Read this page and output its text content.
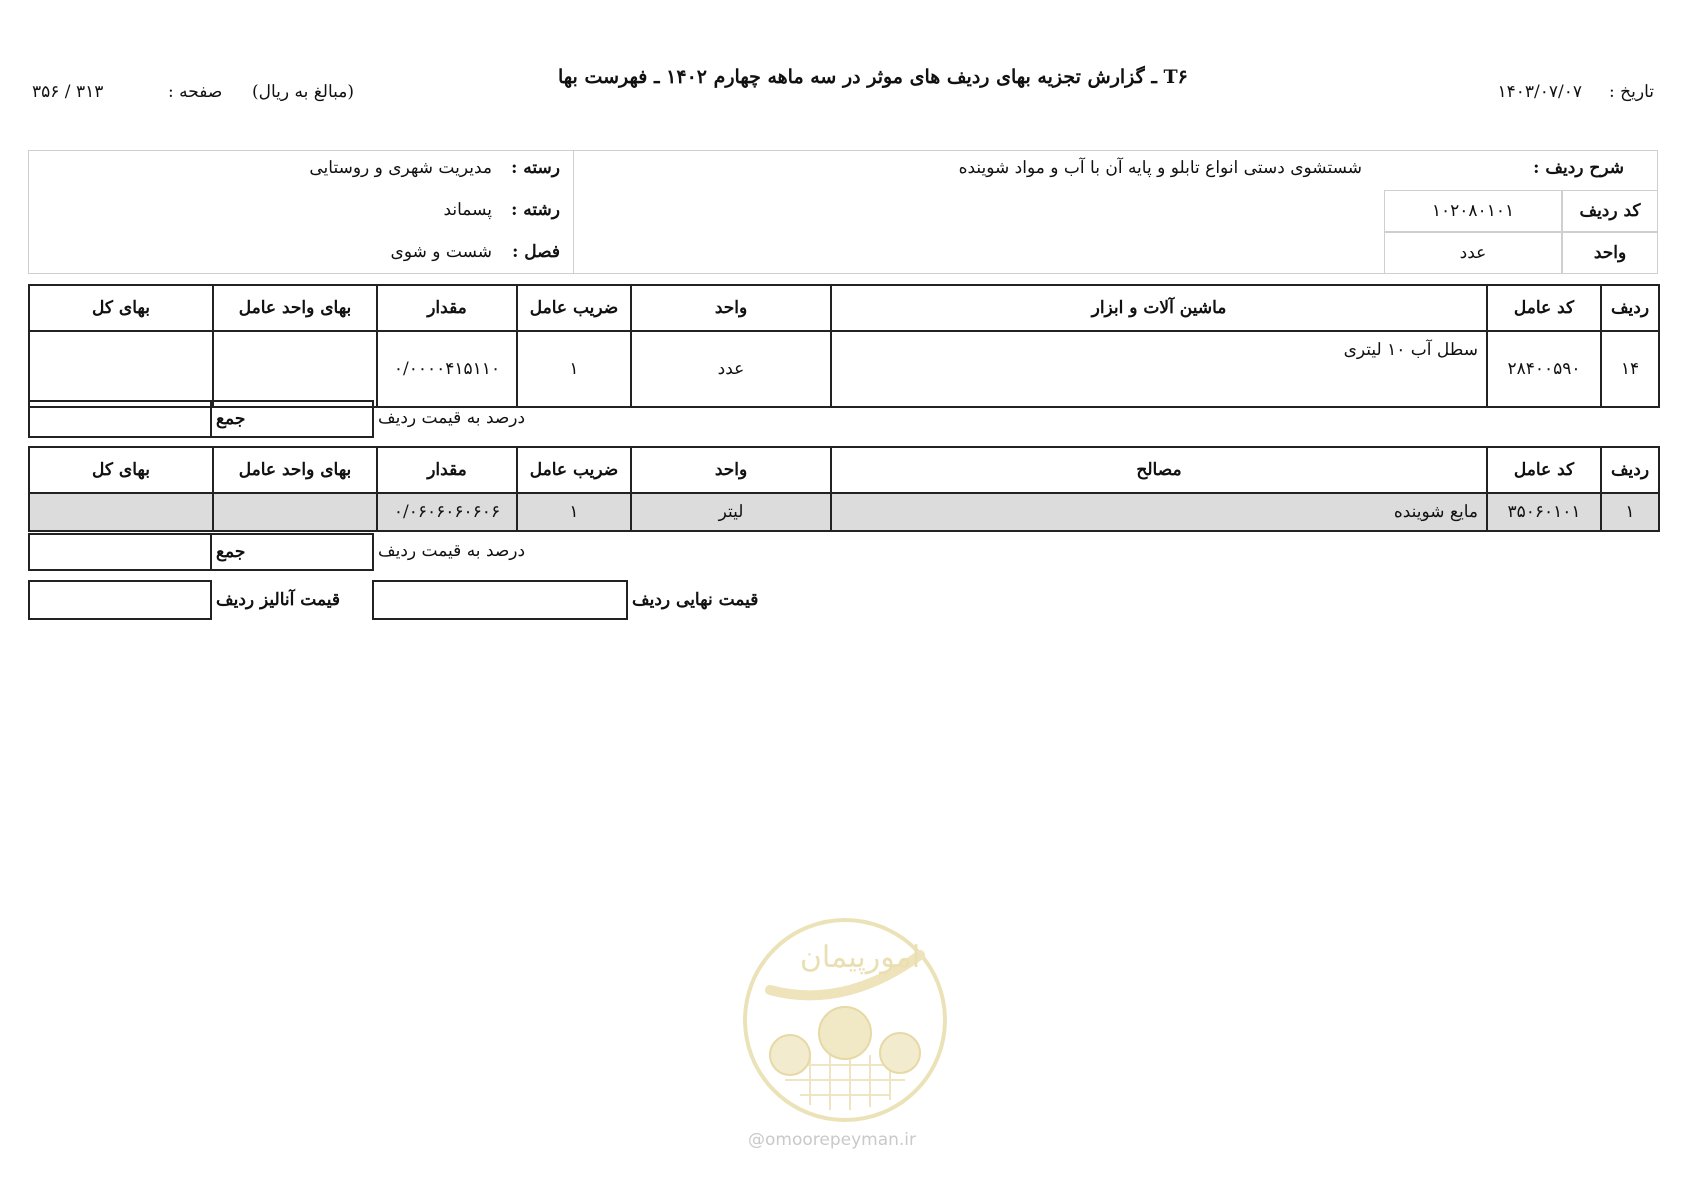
تاریخ :
۱۴۰۳/۰۷/۰۷
T۶ ـ گزارش تجزیه بهای ردیف های موثر در سه ماهه چهارم ۱۴۰۲ ـ فهرست بها
(مبالغ به ریال)
صفحه :
۳۱۳ / ۳۵۶
شرح ردیف :
شستشوی دستی انواع تابلو و پایه آن با آب و مواد شوینده
کد ردیف
۱۰۲۰۸۰۱۰۱
واحد
عدد
رسته :
مدیریت شهری و روستایی
رشته :
پسماند
فصل :
شست و شوی
ردیف	کد عامل	ماشین آلات و ابزار	واحد	ضریب عامل	مقدار	بهای واحد عامل	بهای کل
۱۴	۲۸۴۰۰۵۹۰	سطل آب ۱۰ لیتری	عدد	۱	۰/۰۰۰۰۴۱۵۱۱۰		
درصد به قیمت ردیف
جمع
ردیف	کد عامل	مصالح	واحد	ضریب عامل	مقدار	بهای واحد عامل	بهای کل
۱	۳۵۰۶۰۱۰۱	مایع شوینده	لیتر	۱	۰/۰۶۰۶۰۶۰۶۰۶		
درصد به قیمت ردیف
جمع
قیمت نهایی ردیف
قیمت آنالیز ردیف
امورپیمان
@omoorepeyman.ir
